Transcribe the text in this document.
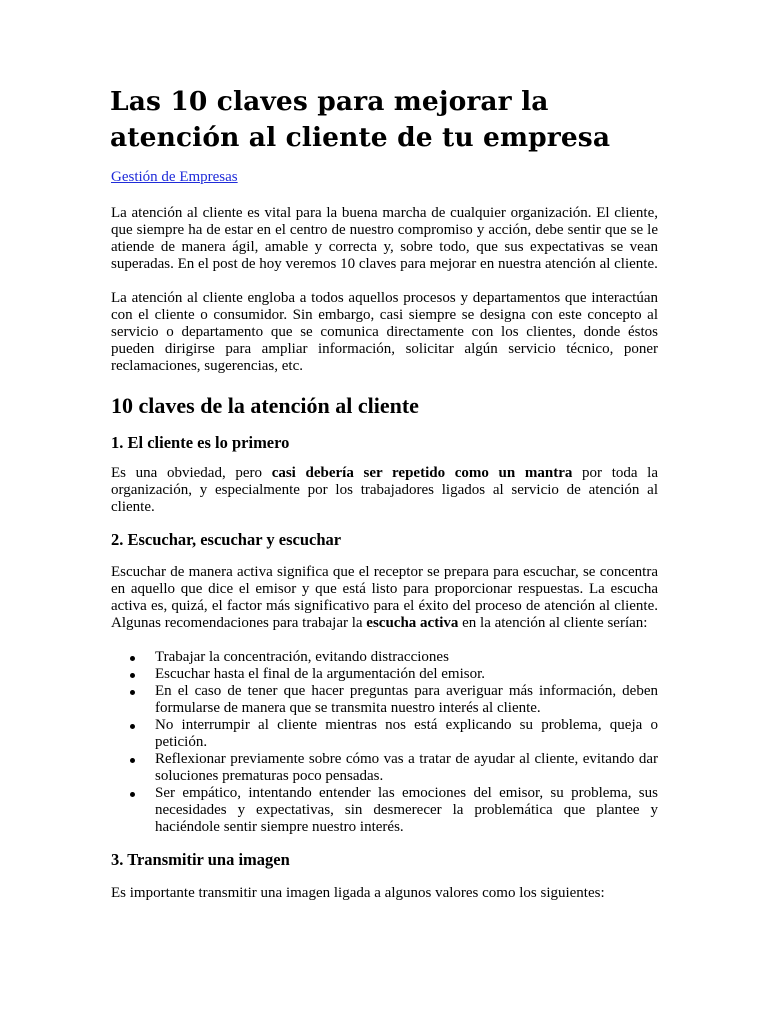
Las 10 claves para mejorar la atención al cliente de tu empresa
Gestión de Empresas

La atención al cliente es vital para la buena marcha de cualquier organización. El cliente, que siempre ha de estar en el centro de nuestro compromiso y acción, debe sentir que se le atiende de manera ágil, amable y correcta y, sobre todo, que sus expectativas se vean superadas. En el post de hoy veremos 10 claves para mejorar en nuestra atención al cliente.

La atención al cliente engloba a todos aquellos procesos y departamentos que interactúan con el cliente o consumidor. Sin embargo, casi siempre se designa con este concepto al servicio o departamento que se comunica directamente con los clientes, donde éstos pueden dirigirse para ampliar información, solicitar algún servicio técnico, poner reclamaciones, sugerencias, etc.

10 claves de la atención al cliente
1. El cliente es lo primero

Es una obviedad, pero casi debería ser repetido como un mantra por toda la organización, y especialmente por los trabajadores ligados al servicio de atención al cliente.

2. Escuchar, escuchar y escuchar

Escuchar de manera activa significa que el receptor se prepara para escuchar, se concentra en aquello que dice el emisor y que está listo para proporcionar respuestas. La escucha activa es, quizá, el factor más significativo para el éxito del proceso de atención al cliente. Algunas recomendaciones para trabajar la escucha activa en la atención al cliente serían:

Trabajar la concentración, evitando distracciones
Escuchar hasta el final de la argumentación del emisor.
En el caso de tener que hacer preguntas para averiguar más información, deben formularse de manera que se transmita nuestro interés al cliente.
No interrumpir al cliente mientras nos está explicando su problema, queja o petición.
Reflexionar previamente sobre cómo vas a tratar de ayudar al cliente, evitando dar soluciones prematuras poco pensadas.
Ser empático, intentando entender las emociones del emisor, su problema, sus necesidades y expectativas, sin desmerecer la problemática que plantee y haciéndole sentir siempre nuestro interés.
3. Transmitir una imagen

Es importante transmitir una imagen ligada a algunos valores como los siguientes:
